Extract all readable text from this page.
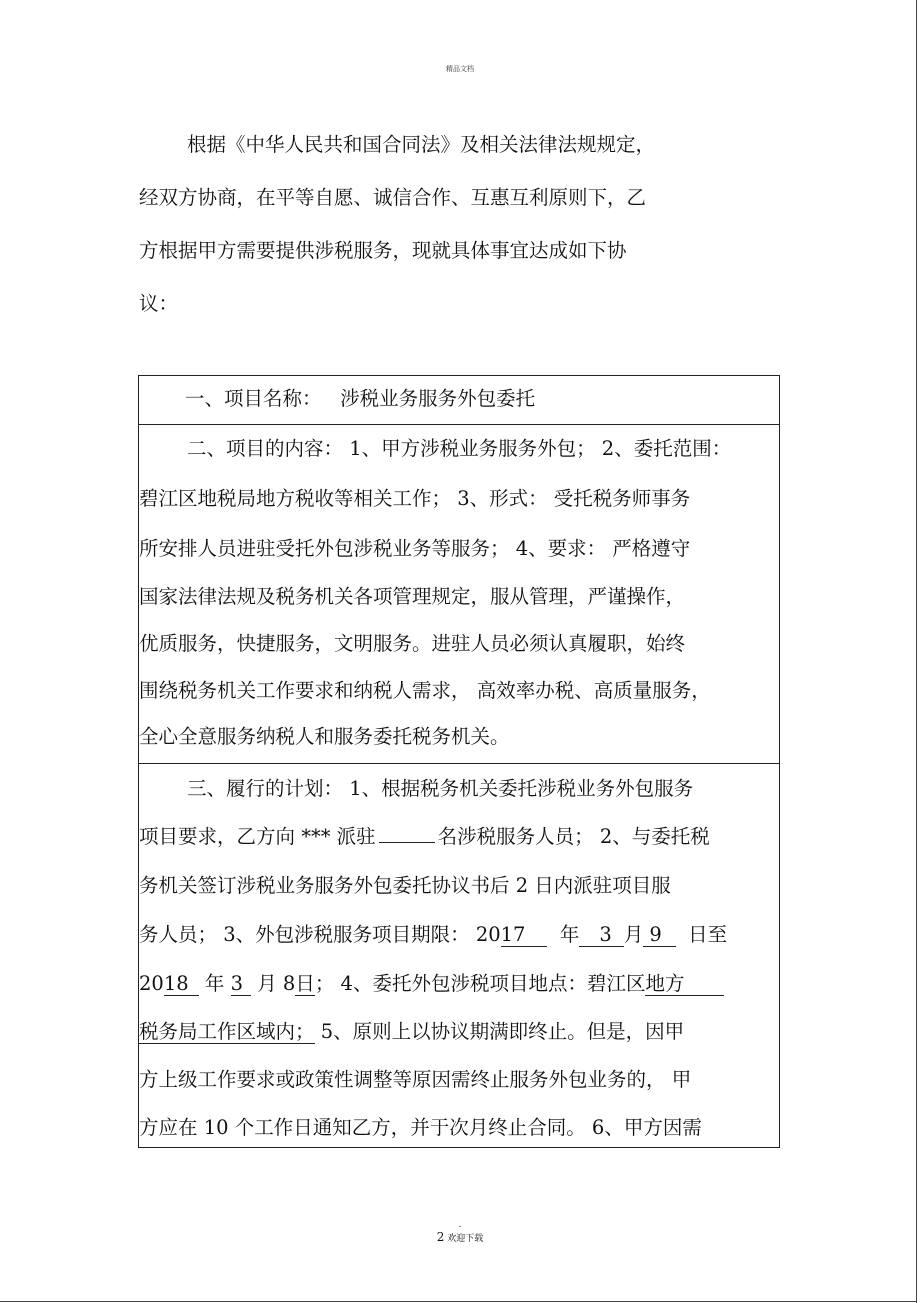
精品文档
根据《中华人民共和国合同法》及相关法律法规规定，
经双方协商，在平等自愿、诚信合作、互惠互利原则下，乙
方根据甲方需要提供涉税服务，现就具体事宜达成如下协
议：
一、项目名称： 涉税业务服务外包委托
二、项目的内容： 1、甲方涉税业务服务外包； 2、委托范围：
碧江区地税局地方税收等相关工作； 3、形式： 受托税务师事务
所安排人员进驻受托外包涉税业务等服务； 4、要求： 严格遵守
国家法律法规及税务机关各项管理规定，服从管理，严谨操作，
优质服务，快捷服务，文明服务。进驻人员必须认真履职，始终
围绕税务机关工作要求和纳税人需求， 高效率办税、高质量服务，
全心全意服务纳税人和服务委托税务机关。
三、履行的计划： 1、根据税务机关委托涉税业务外包服务
项目要求，乙方向 *** 派驻	名涉税服务人员； 2、与委托税
务机关签订涉税业务服务外包委托协议书后 2 日内派驻项目服
务人员； 3、外包涉税服务项目期限： 2017 年 3 月 9 日至
2018 年 3 月 8日； 4、委托外包涉税项目地点：碧江区地方
税务局工作区域内； 5、原则上以协议期满即终止。但是，因甲
方上级工作要求或政策性调整等原因需终止服务外包业务的， 甲
方应在 10 个工作日通知乙方，并于次月终止合同。 6、甲方因需
.
2 欢迎下载
